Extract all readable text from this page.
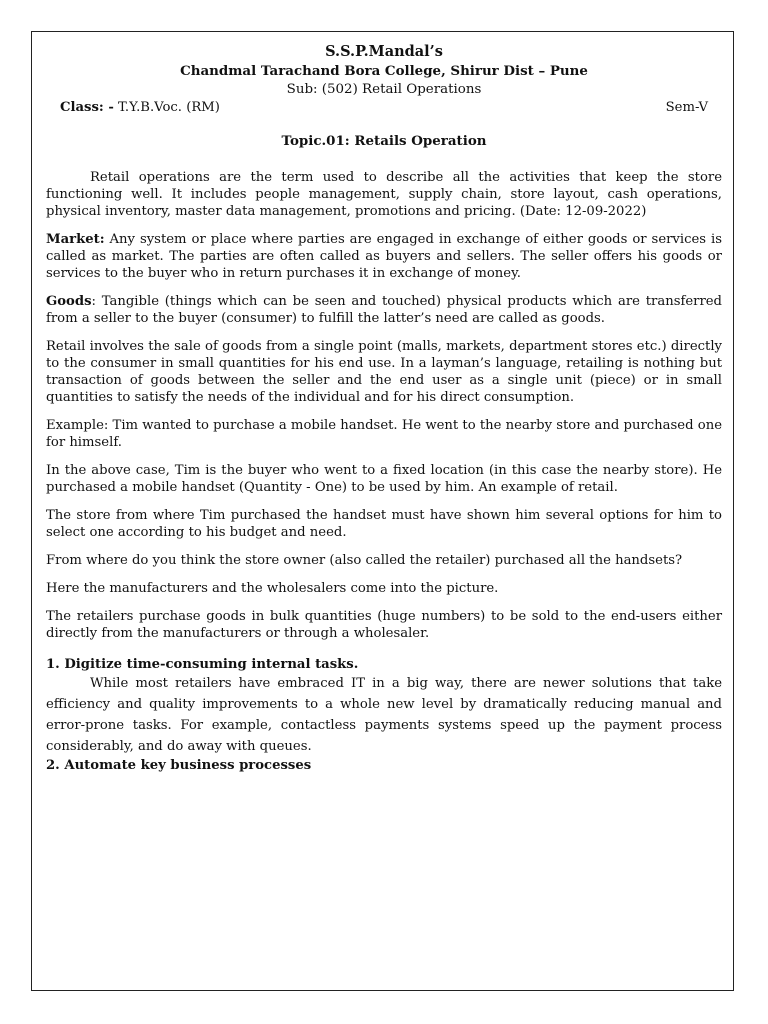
S.S.P.Mandal’s
Chandmal Tarachand Bora College, Shirur Dist – Pune
Sub: (502) Retail Operations
Class: - T.Y.B.Voc. (RM)	Sem-V
Topic.01: Retails Operation

Retail operations are the term used to describe all the activities that keep the store functioning well. It includes people management, supply chain, store layout, cash operations, physical inventory, master data management, promotions and pricing. (Date: 12-09-2022)

Market: Any system or place where parties are engaged in exchange of either goods or services is called as market. The parties are often called as buyers and sellers. The seller offers his goods or services to the buyer who in return purchases it in exchange of money.

Goods: Tangible (things which can be seen and touched) physical products which are transferred from a seller to the buyer (consumer) to fulfill the latter’s need are called as goods.

Retail involves the sale of goods from a single point (malls, markets, department stores etc.) directly to the consumer in small quantities for his end use. In a layman’s language, retailing is nothing but transaction of goods between the seller and the end user as a single unit (piece) or in small quantities to satisfy the needs of the individual and for his direct consumption.

Example: Tim wanted to purchase a mobile handset. He went to the nearby store and purchased one for himself.

In the above case, Tim is the buyer who went to a fixed location (in this case the nearby store). He purchased a mobile handset (Quantity - One) to be used by him. An example of retail.

The store from where Tim purchased the handset must have shown him several options for him to select one according to his budget and need.

From where do you think the store owner (also called the retailer) purchased all the handsets?

Here the manufacturers and the wholesalers come into the picture.

The retailers purchase goods in bulk quantities (huge numbers) to be sold to the end-users either directly from the manufacturers or through a wholesaler.

1. Digitize time-consuming internal tasks.
While most retailers have embraced IT in a big way, there are newer solutions that take efficiency and quality improvements to a whole new level by dramatically reducing manual and error-prone tasks. For example, contactless payments systems speed up the payment process considerably, and do away with queues.
2. Automate key business processes
